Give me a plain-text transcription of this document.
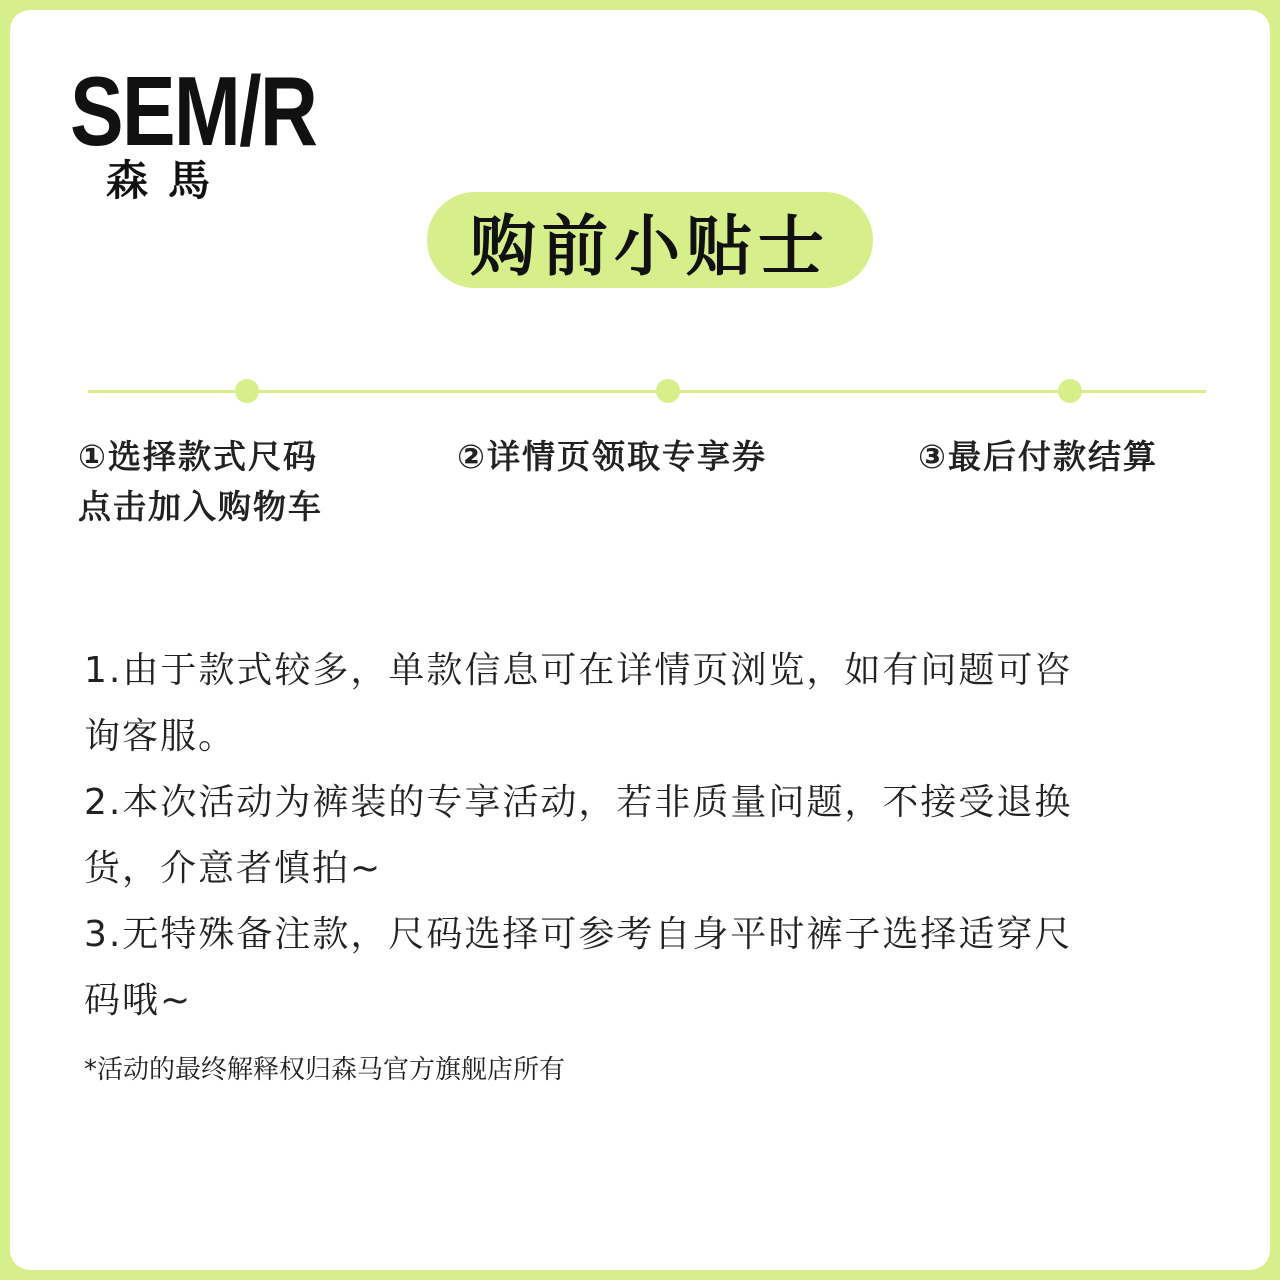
SEM/R
森馬
购前小贴士
①选择款式尺码
点击加入购物车
②详情页领取专享券	③最后付款结算
1.由于款式较多，单款信息可在详情页浏览，如有问题可咨
询客服。
2.本次活动为裤装的专享活动，若非质量问题，不接受退换
货，介意者慎拍~
3.无特殊备注款，尺码选择可参考自身平时裤子选择适穿尺
码哦~
*活动的最终解释权归森马官方旗舰店所有
